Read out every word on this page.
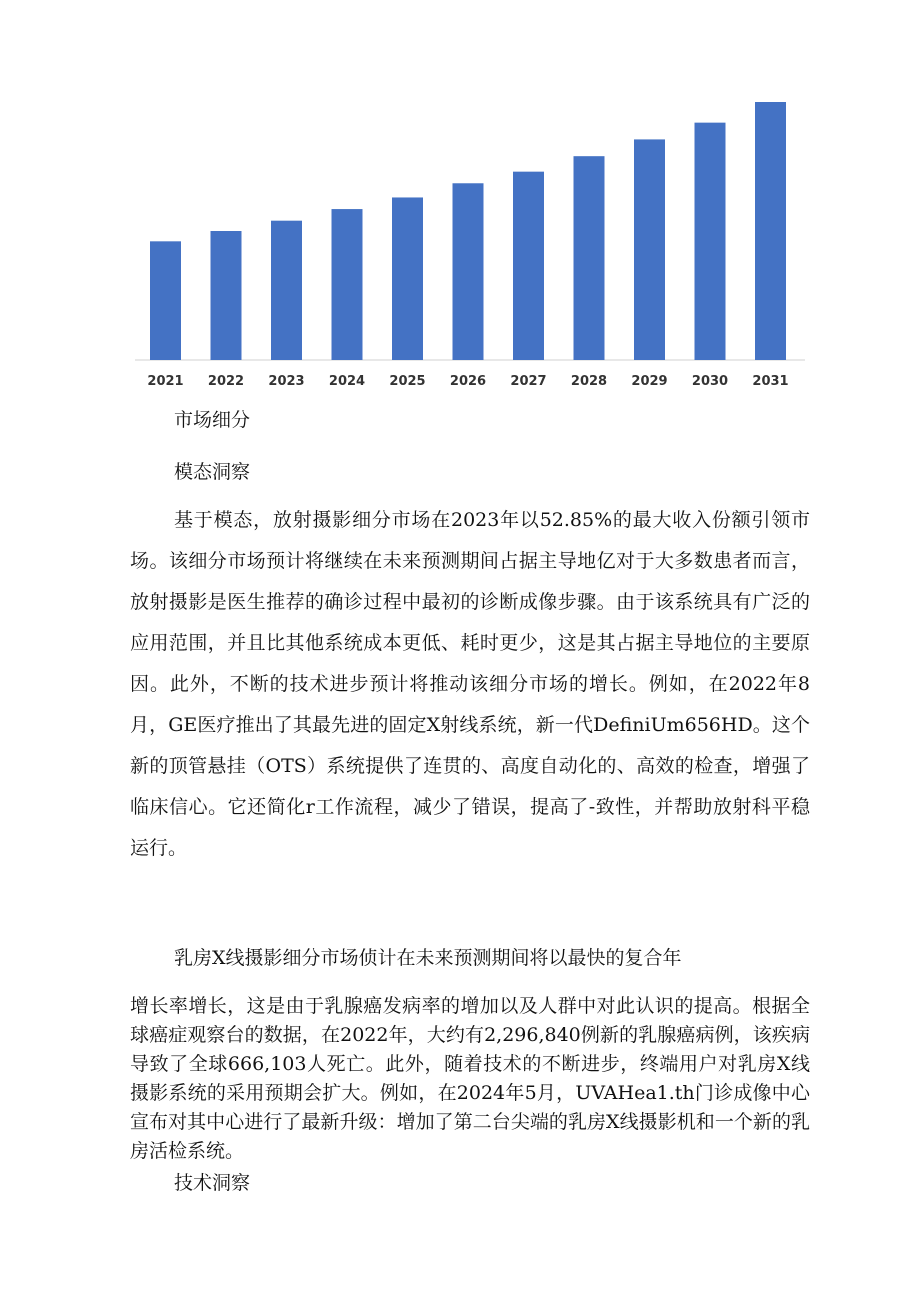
2021 2022 2023 2024 2025 2026 2027 2028 2029 2030 2031

市场细分

模态洞察

基于模态，放射摄影细分市场在2023年以52.85%的最大收入份额引领市场。该细分市场预计将继续在未来预测期间占据主导地亿对于大多数患者而言，放射摄影是医生推荐的确诊过程中最初的诊断成像步骤。由于该系统具有广泛的应用范围，并且比其他系统成本更低、耗时更少，这是其占据主导地位的主要原因。此外，不断的技术进步预计将推动该细分市场的增长。例如，在2022年8月，GE医疗推出了其最先进的固定X射线系统，新一代DefiniUm656HD。这个新的顶管悬挂（OTS）系统提供了连贯的、高度自动化的、高效的检查，增强了临床信心。它还简化r工作流程，减少了错误，提高了-致性，并帮助放射科平稳运行。

乳房X线摄影细分市场侦计在未来预测期间将以最快的复合年

增长率增长，这是由于乳腺癌发病率的增加以及人群中对此认识的提高。根据全球癌症观察台的数据，在2022年，大约有2,296,840例新的乳腺癌病例，该疾病导致了全球666,103人死亡。此外，随着技术的不断进步，终端用户对乳房X线摄影系统的采用预期会扩大。例如，在2024年5月，UVAHea1.th门诊成像中心宣布对其中心进行了最新升级：增加了第二台尖端的乳房X线摄影机和一个新的乳房活检系统。

技术洞察
